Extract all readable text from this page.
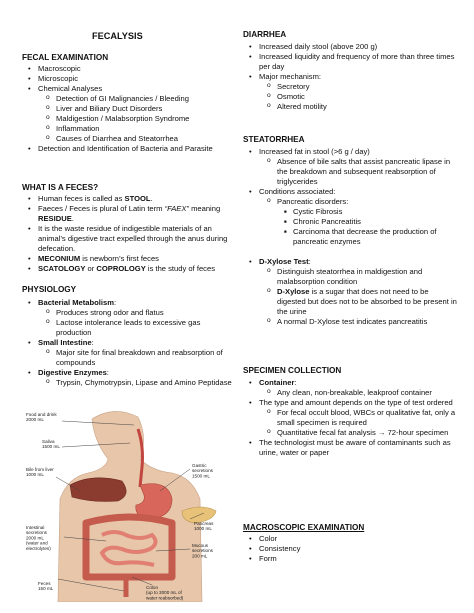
FECALYSIS
FECAL EXAMINATION
• Macroscopic
• Microscopic
• Chemical Analyses
o Detection of GI Malignancies / Bleeding
o Liver and Biliary Duct Disorders
o Maldigestion / Malabsorption Syndrome
o Inflammation
o Causes of Diarrhea and Steatorrhea
• Detection and Identification of Bacteria and Parasite
WHAT IS A FECES?
• Human feces is called as STOOL.
• Faeces / Feces is plural of Latin term “FAEX” meaning RESIDUE.
• It is the waste residue of indigestible materials of an animal’s digestive tract expelled through the anus during defecation.
• MECONIUM is newborn’s first feces
• SCATOLOGY or COPROLOGY is the study of feces
PHYSIOLOGY
• Bacterial Metabolism:
o Produces strong odor and flatus
o Lactose intolerance leads to excessive gas production
• Small Intestine:
o Major site for final breakdown and reabsorption of compounds
• Digestive Enzymes:
o Trypsin, Chymotrypsin, Lipase and Amino Peptidase
Food and drink 2000 mL
Saliva 1500 mL
Bile from liver 1000 mL
Gastric secretions 1500 mL
Pancreas 1000 mL
Intestinal secretions 2000 mL (water and electrolytes)
Mucous secretions 200 mL
Feces 150 mL	Colon (up to 3000 mL of water reabsorbed)
DIARRHEA
• Increased daily stool (above 200 g)
• Increased liquidity and frequency of more than three times per day
• Major mechanism:
o Secretory
o Osmotic
o Altered motility
STEATORRHEA
• Increased fat in stool (>6 g / day)
o Absence of bile salts that assist pancreatic lipase in the breakdown and subsequent reabsorption of triglycerides
• Conditions associated:
o Pancreatic disorders:
■ Cystic Fibrosis
■ Chronic Pancreatitis
■ Carcinoma that decrease the production of pancreatic enzymes
• D-Xylose Test:
o Distinguish steatorrhea in maldigestion and malabsorption condition
o D-Xylose is a sugar that does not need to be digested but does not to be absorbed to be present in the urine
o A normal D-Xylose test indicates pancreatitis
SPECIMEN COLLECTION
• Container:
o Any clean, non-breakable, leakproof container
• The type and amount depends on the type of test ordered
o For fecal occult blood, WBCs or qualitative fat, only a small specimen is required
o Quantitative fecal fat analysis → 72-hour specimen
• The technologist must be aware of contaminants such as urine, water or paper
MACROSCOPIC EXAMINATION
• Color
• Consistency
• Form
